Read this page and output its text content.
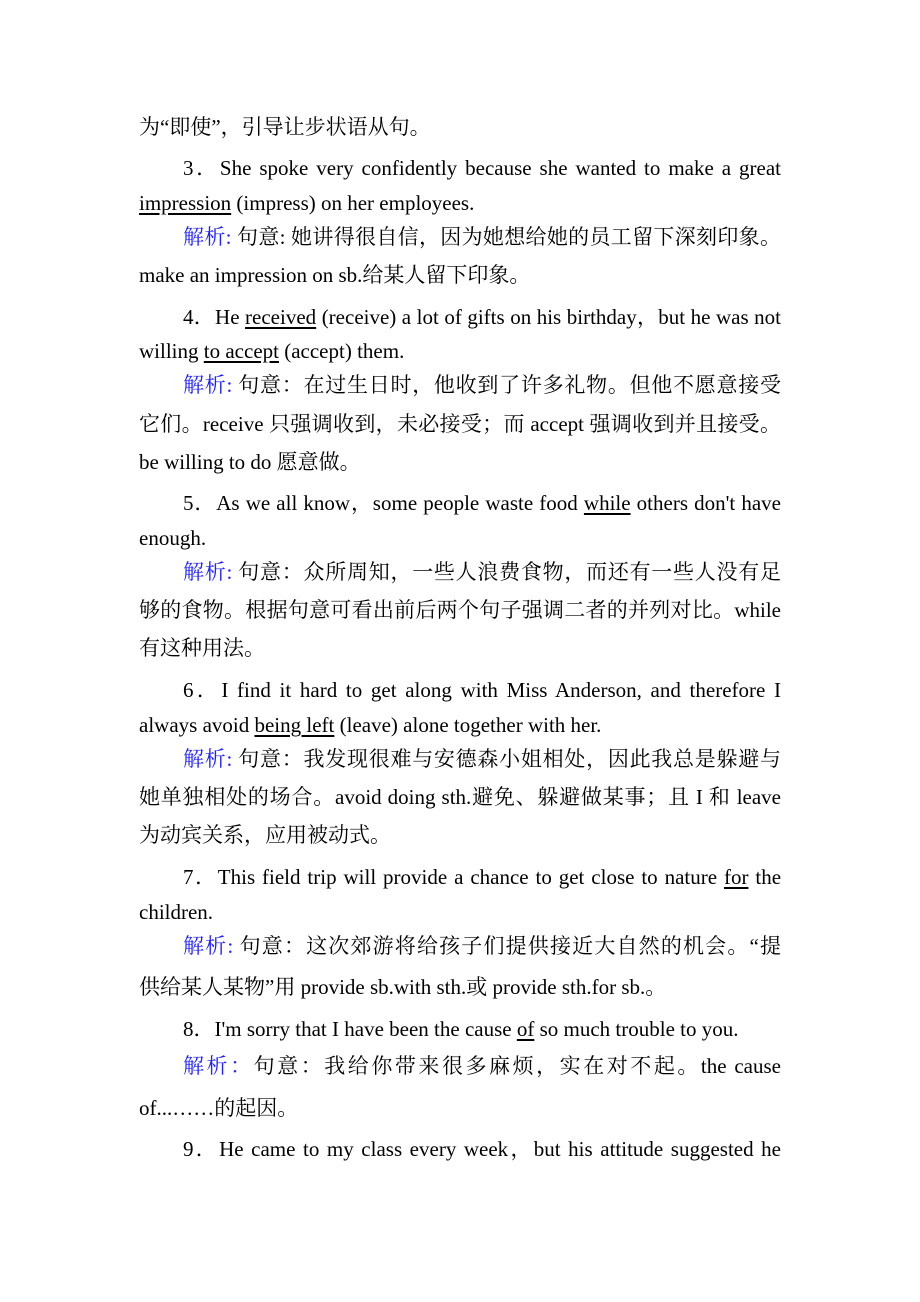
为“即使”，引导让步状语从句。
3．She spoke very confidently because she wanted to make a great
impression (impress) on her employees.
解析: 句意: 她讲得很自信，因为她想给她的员工留下深刻印象。
make an impression on sb.给某人留下印象。
4．He received (receive) a lot of gifts on his birthday，but he was not
willing to accept (accept) them.
解析: 句意：在过生日时，他收到了许多礼物。但他不愿意接受
它们。receive 只强调收到，未必接受；而 accept 强调收到并且接受。
be willing to do 愿意做。
5．As we all know，some people waste food while others don't have
enough.
解析: 句意：众所周知，一些人浪费食物，而还有一些人没有足
够的食物。根据句意可看出前后两个句子强调二者的并列对比。while
有这种用法。
6．I find it hard to get along with Miss Anderson, and therefore I
always avoid being left (leave) alone together with her.
解析: 句意：我发现很难与安德森小姐相处，因此我总是躲避与
她单独相处的场合。avoid doing sth.避免、躲避做某事；且 I 和 leave
为动宾关系，应用被动式。
7．This field trip will provide a chance to get close to nature for the
children.
解析: 句意：这次郊游将给孩子们提供接近大自然的机会。“提
供给某人某物”用 provide sb.with sth.或 provide sth.for sb.。
8．I'm sorry that I have been the cause of so much trouble to you.
解析：句意：我给你带来很多麻烦，实在对不起。the cause
of...……的起因。
9．He came to my class every week，but his attitude suggested he
